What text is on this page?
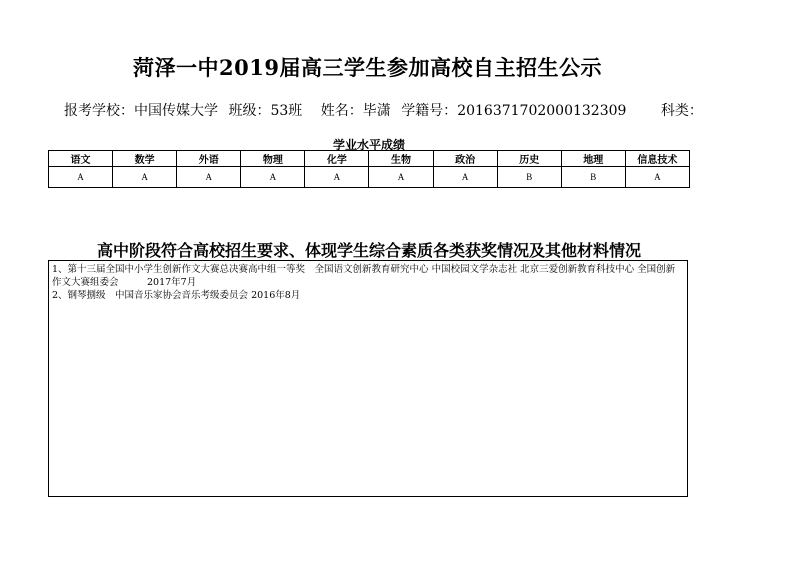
菏泽一中2019届高三学生参加高校自主招生公示
报考学校：中国传媒大学 班级：53班 姓名：毕潇 学籍号：2016371702000132309 科类：
学业水平成绩
语文	数学	外语	物理	化学	生物	政治	历史	地理	信息技术
A	A	A	A	A	A	A	B	B	A
高中阶段符合高校招生要求、体现学生综合素质各类获奖情况及其他材料情况
1、第十三届全国中小学生创新作文大赛总决赛高中组一等奖　全国语文创新教育研究中心 中国校园文学杂志社 北京三爱创新教育科技中心 全国创新作文大赛组委会　　　2017年7月
2、钢琴捌级　中国音乐家协会音乐考级委员会 2016年8月
